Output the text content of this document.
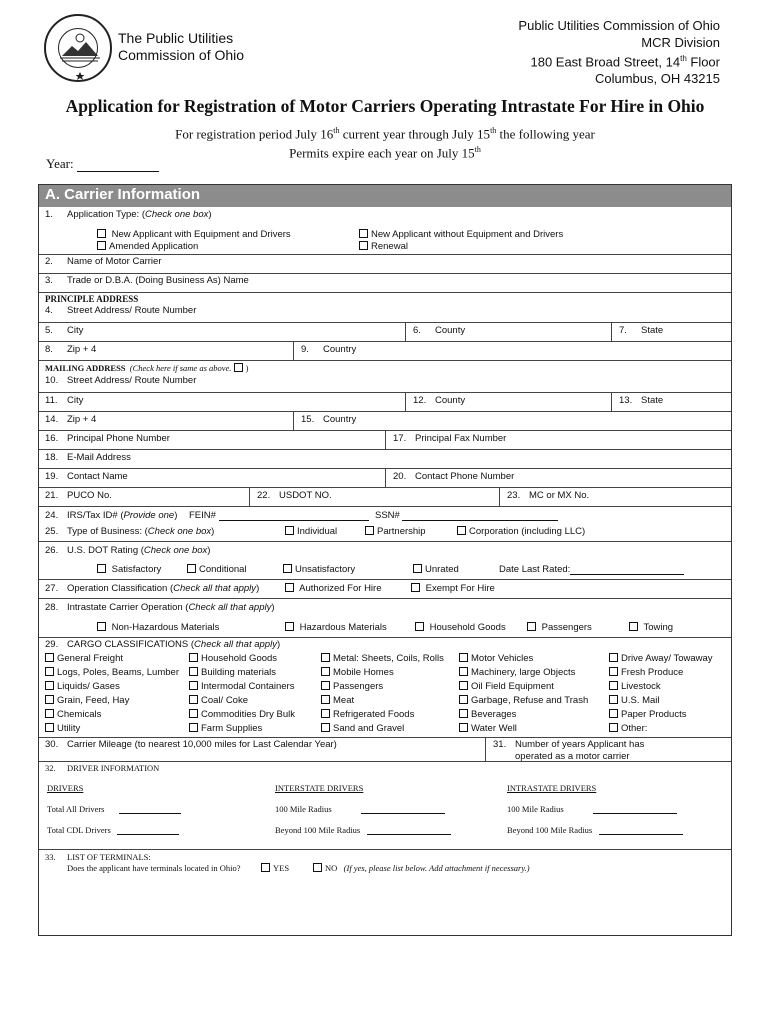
The Public Utilities
Commission of Ohio
Public Utilities Commission of Ohio
MCR Division
180 East Broad Street, 14th Floor
Columbus, OH 43215
Application for Registration of Motor Carriers Operating Intrastate For Hire in Ohio
For registration period July 16th current year through July 15th the following year
Permits expire each year on July 15th
Year:
A. Carrier Information
1. Application Type: (Check one box)
New Applicant with Equipment and Drivers
Amended Application
New Applicant without Equipment and Drivers
Renewal
2. Name of Motor Carrier
3. Trade or D.B.A. (Doing Business As) Name
PRINCIPLE ADDRESS
4. Street Address/ Route Number
5. City	6. County	7. State
8. Zip + 4	9. Country
MAILING ADDRESS (Check here if same as above. )
10. Street Address/ Route Number
11. City	12. County	13. State
14. Zip + 4	15. Country
16. Principal Phone Number	17. Principal Fax Number
18. E-Mail Address
19. Contact Name	20. Contact Phone Number
21. PUCO No.	22. USDOT NO.	23. MC or MX No.
24. IRS/Tax ID# (Provide one) FEIN#	SSN#
25. Type of Business: (Check one box)	Individual	Partnership	Corporation (including LLC)
26. U.S. DOT Rating (Check one box)
Satisfactory	Conditional	Unsatisfactory	Unrated	Date Last Rated:
27. Operation Classification (Check all that apply)	Authorized For Hire	Exempt For Hire
28. Intrastate Carrier Operation (Check all that apply)
Non-Hazardous Materials	Hazardous Materials	Household Goods	Passengers	Towing
29. CARGO CLASSIFICATIONS (Check all that apply)
General Freight	Household Goods	Metal: Sheets, Coils, Rolls	Motor Vehicles	Drive Away/ Towaway
Logs, Poles, Beams, Lumber	Building materials	Mobile Homes	Machinery, large Objects	Fresh Produce
Liquids/ Gases	Intermodal Containers	Passengers	Oil Field Equipment	Livestock
Grain, Feed, Hay	Coal/ Coke	Meat	Garbage, Refuse and Trash	U.S. Mail
Chemicals	Commodities Dry Bulk	Refrigerated Foods	Beverages	Paper Products
Utility	Farm Supplies	Sand and Gravel	Water Well	Other:
30. Carrier Mileage (to nearest 10,000 miles for Last Calendar Year)	31. Number of years Applicant has
operated as a motor carrier
32. DRIVER INFORMATION
DRIVERS	INTERSTATE DRIVERS	INTRASTATE DRIVERS
Total All Drivers	100 Mile Radius	100 Mile Radius
Total CDL Drivers	Beyond 100 Mile Radius	Beyond 100 Mile Radius
33. LIST OF TERMINALS:
Does the applicant have terminals located in Ohio?	YES	NO (If yes, please list below. Add attachment if necessary.)
